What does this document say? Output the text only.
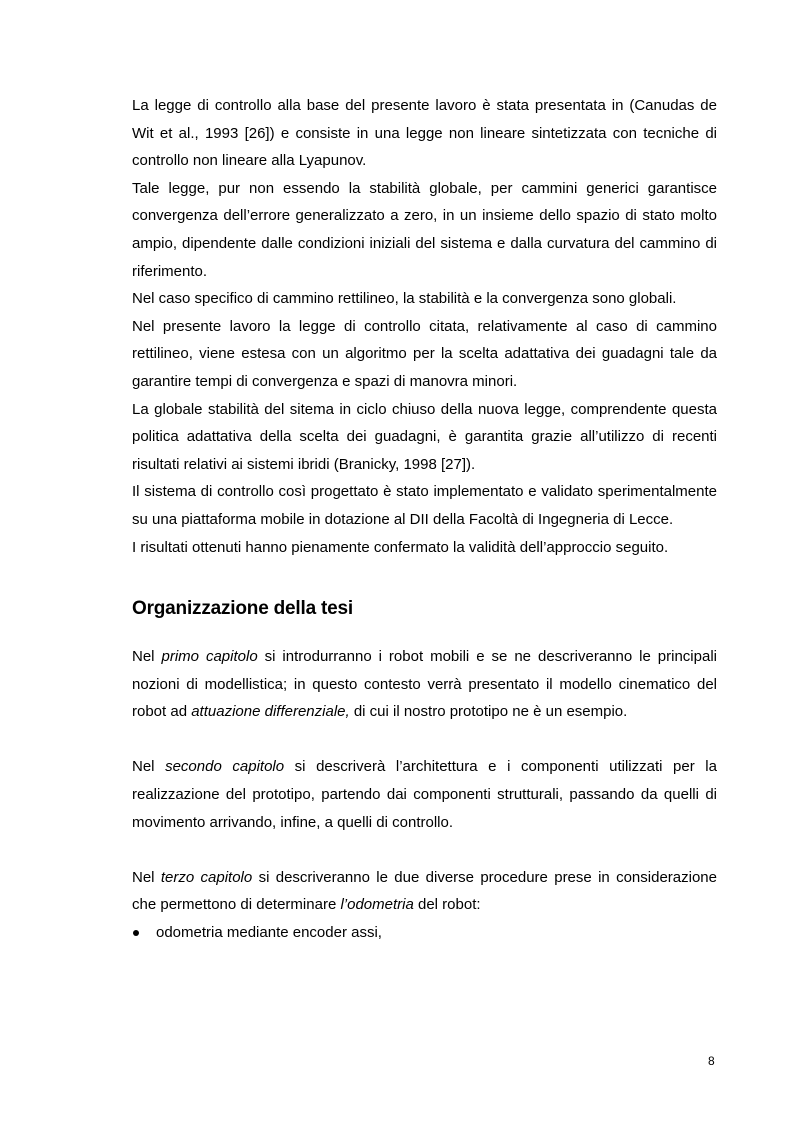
La legge di controllo alla base del presente lavoro è stata presentata in (Canudas de Wit et al., 1993 [26]) e consiste in una legge non lineare sintetizzata con tecniche di controllo non lineare alla Lyapunov.

Tale legge, pur non essendo la stabilità globale, per cammini generici garantisce convergenza dell’errore generalizzato a zero, in un insieme dello spazio di stato molto ampio, dipendente dalle condizioni iniziali del sistema e dalla curvatura del cammino di riferimento.

Nel caso specifico di cammino rettilineo, la stabilità e la convergenza sono globali.

Nel presente lavoro la legge di controllo citata, relativamente al caso di cammino rettilineo, viene estesa con un algoritmo per la scelta adattativa dei guadagni tale da garantire tempi di convergenza e spazi di manovra minori.

La globale stabilità del sitema in ciclo chiuso della nuova legge, comprendente questa politica adattativa della scelta dei guadagni, è garantita grazie all’utilizzo di recenti risultati relativi ai sistemi ibridi (Branicky, 1998 [27]).

Il sistema di controllo così progettato è stato implementato e validato sperimentalmente su una piattaforma mobile in dotazione al DII della Facoltà di Ingegneria di Lecce.

I risultati ottenuti hanno pienamente confermato la validità dell’approccio seguito.

Organizzazione della tesi

Nel primo capitolo si introdurranno i robot mobili e se ne descriveranno le principali nozioni di modellistica; in questo contesto verrà presentato il modello cinematico del robot ad attuazione differenziale, di cui il nostro prototipo ne è un esempio.

Nel secondo capitolo si descriverà l’architettura e i componenti utilizzati per la realizzazione del prototipo, partendo dai componenti strutturali, passando da quelli di movimento arrivando, infine, a quelli di controllo.

Nel terzo capitolo si descriveranno le due diverse procedure prese in considerazione che permettono di determinare l’odometria del robot:

odometria mediante encoder assi,
8
